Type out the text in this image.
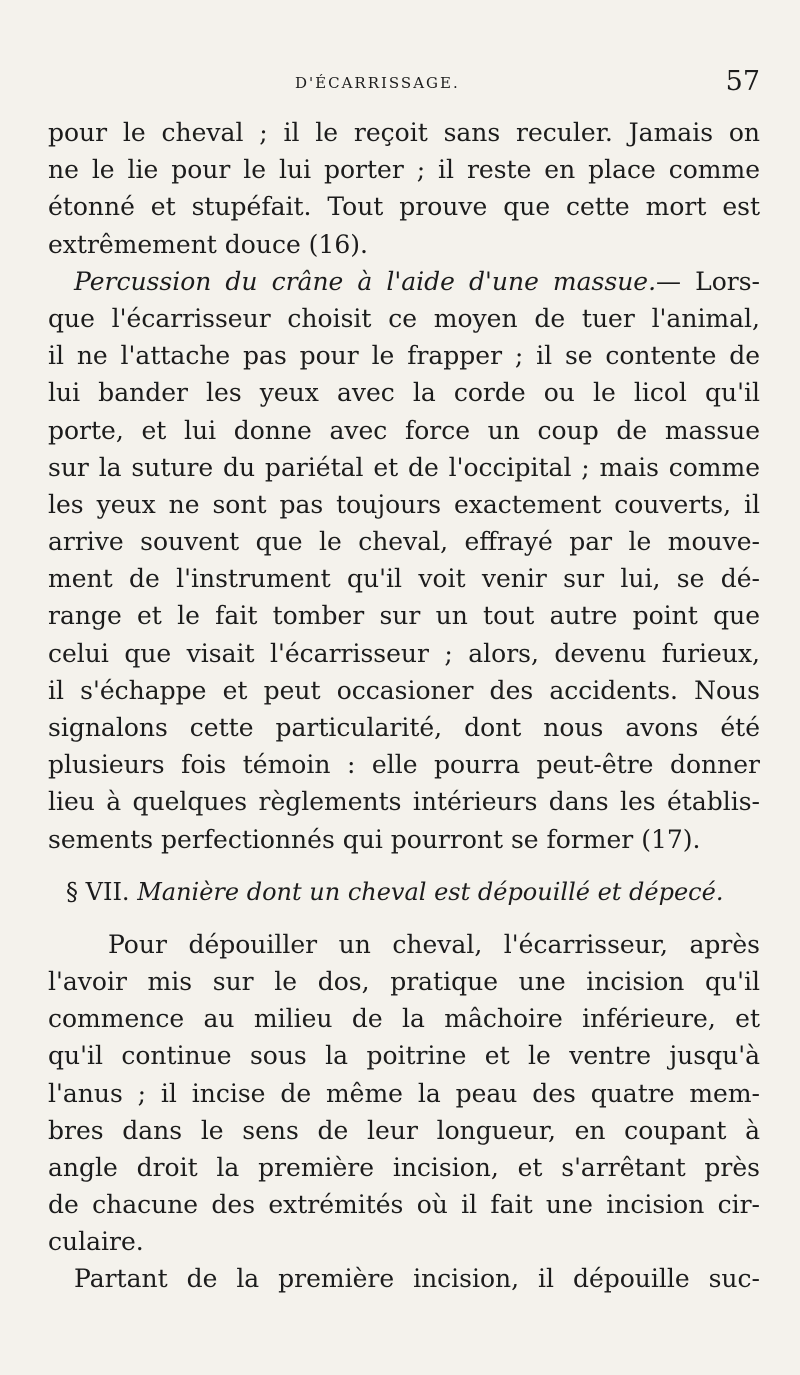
D'ÉCARRISSAGE.	57
pour le cheval ; il le reçoit sans reculer. Jamais on
ne le lie pour le lui porter ; il reste en place comme
étonné et stupéfait. Tout prouve que cette mort est
extrêmement douce (16).
Percussion du crâne à l'aide d'une massue.— Lors-
que l'écarrisseur choisit ce moyen de tuer l'animal,
il ne l'attache pas pour le frapper ; il se contente de
lui bander les yeux avec la corde ou le licol qu'il
porte, et lui donne avec force un coup de massue
sur la suture du pariétal et de l'occipital ; mais comme
les yeux ne sont pas toujours exactement couverts, il
arrive souvent que le cheval, effrayé par le mouve-
ment de l'instrument qu'il voit venir sur lui, se dé-
range et le fait tomber sur un tout autre point que
celui que visait l'écarrisseur ; alors, devenu furieux,
il s'échappe et peut occasioner des accidents. Nous
signalons cette particularité, dont nous avons été
plusieurs fois témoin : elle pourra peut-être donner
lieu à quelques règlements intérieurs dans les établis-
sements perfectionnés qui pourront se former (17).
§ VII. Manière dont un cheval est dépouillé et dépecé.
Pour dépouiller un cheval, l'écarrisseur, après
l'avoir mis sur le dos, pratique une incision qu'il
commence au milieu de la mâchoire inférieure, et
qu'il continue sous la poitrine et le ventre jusqu'à
l'anus ; il incise de même la peau des quatre mem-
bres dans le sens de leur longueur, en coupant à
angle droit la première incision, et s'arrêtant près
de chacune des extrémités où il fait une incision cir-
culaire.
Partant de la première incision, il dépouille suc-
